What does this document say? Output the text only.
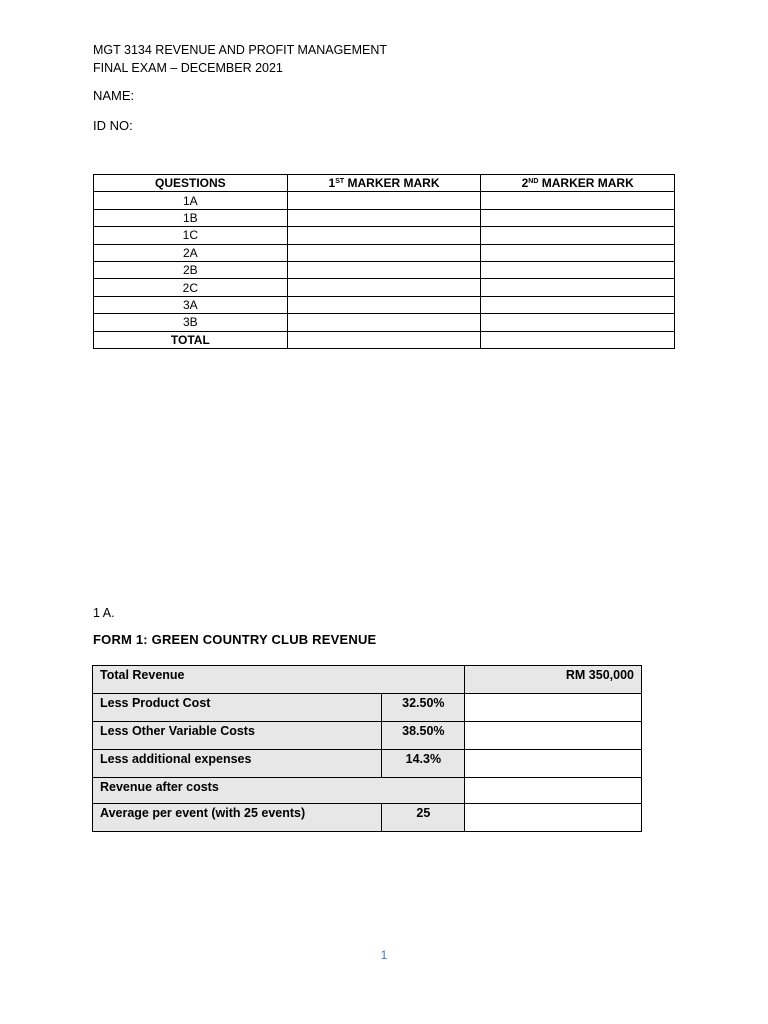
MGT 3134 REVENUE AND PROFIT MANAGEMENT
FINAL EXAM – DECEMBER 2021
NAME:
ID NO:
QUESTIONS	1ST MARKER MARK	2ND MARKER MARK
1A		
1B		
1C		
2A		
2B		
2C		
3A		
3B		
TOTAL		
1 A.
FORM 1: GREEN COUNTRY CLUB REVENUE
Total Revenue		RM 350,000
Less Product Cost	32.50%	
Less Other Variable Costs	38.50%	
Less additional expenses	14.3%	
Revenue after costs		
Average per event (with 25 events)	25	
1
